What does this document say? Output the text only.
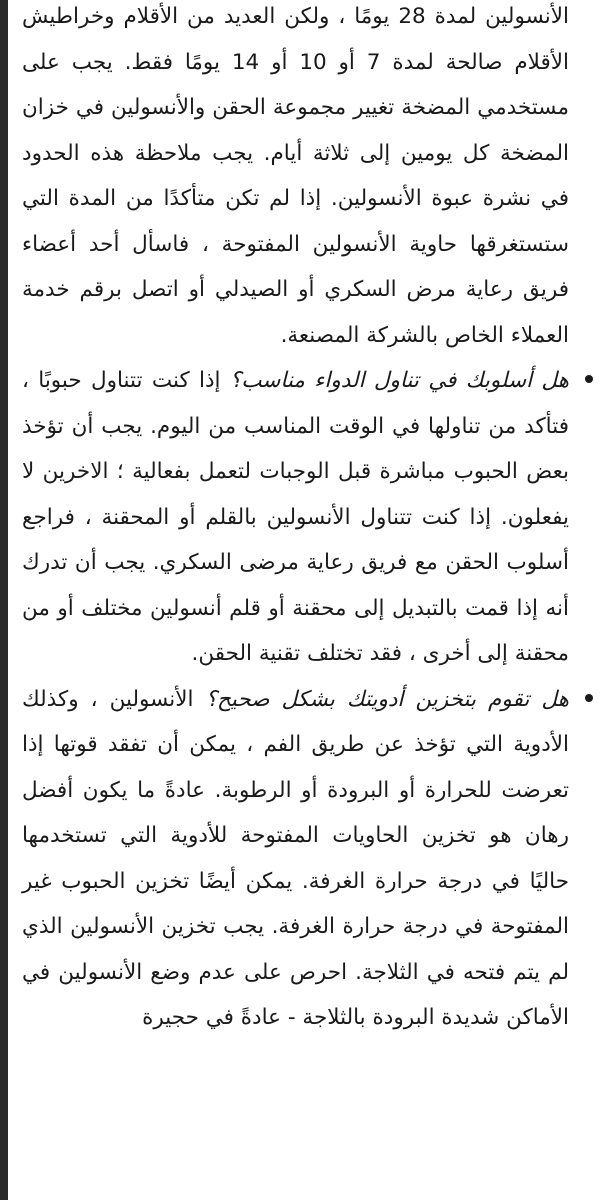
الأنسولين لمدة 28 يومًا ، ولكن العديد من الأقلام وخراطيش الأقلام صالحة لمدة 7 أو 10 أو 14 يومًا فقط. يجب على مستخدمي المضخة تغيير مجموعة الحقن والأنسولين في خزان المضخة كل يومين إلى ثلاثة أيام. يجب ملاحظة هذه الحدود في نشرة عبوة الأنسولين. إذا لم تكن متأكدًا من المدة التي ستستغرقها حاوية الأنسولين المفتوحة ، فاسأل أحد أعضاء فريق رعاية مرض السكري أو الصيدلي أو اتصل برقم خدمة العملاء الخاص بالشركة المصنعة.

هل أسلوبك في تناول الدواء مناسب؟ إذا كنت تتناول حبوبًا ، فتأكد من تناولها في الوقت المناسب من اليوم. يجب أن تؤخذ بعض الحبوب مباشرة قبل الوجبات لتعمل بفعالية ؛ الاخرين لا يفعلون. إذا كنت تتناول الأنسولين بالقلم أو المحقنة ، فراجع أسلوب الحقن مع فريق رعاية مرضى السكري. يجب أن تدرك أنه إذا قمت بالتبديل إلى محقنة أو قلم أنسولين مختلف أو من محقنة إلى أخرى ، فقد تختلف تقنية الحقن.
هل تقوم بتخزين أدويتك بشكل صحيح؟ الأنسولين ، وكذلك الأدوية التي تؤخذ عن طريق الفم ، يمكن أن تفقد قوتها إذا تعرضت للحرارة أو البرودة أو الرطوبة. عادةً ما يكون أفضل رهان هو تخزين الحاويات المفتوحة للأدوية التي تستخدمها حاليًا في درجة حرارة الغرفة. يمكن أيضًا تخزين الحبوب غير المفتوحة في درجة حرارة الغرفة. يجب تخزين الأنسولين الذي لم يتم فتحه في الثلاجة. احرص على عدم وضع الأنسولين في الأماكن شديدة البرودة بالثلاجة - عادةً في حجيرة
